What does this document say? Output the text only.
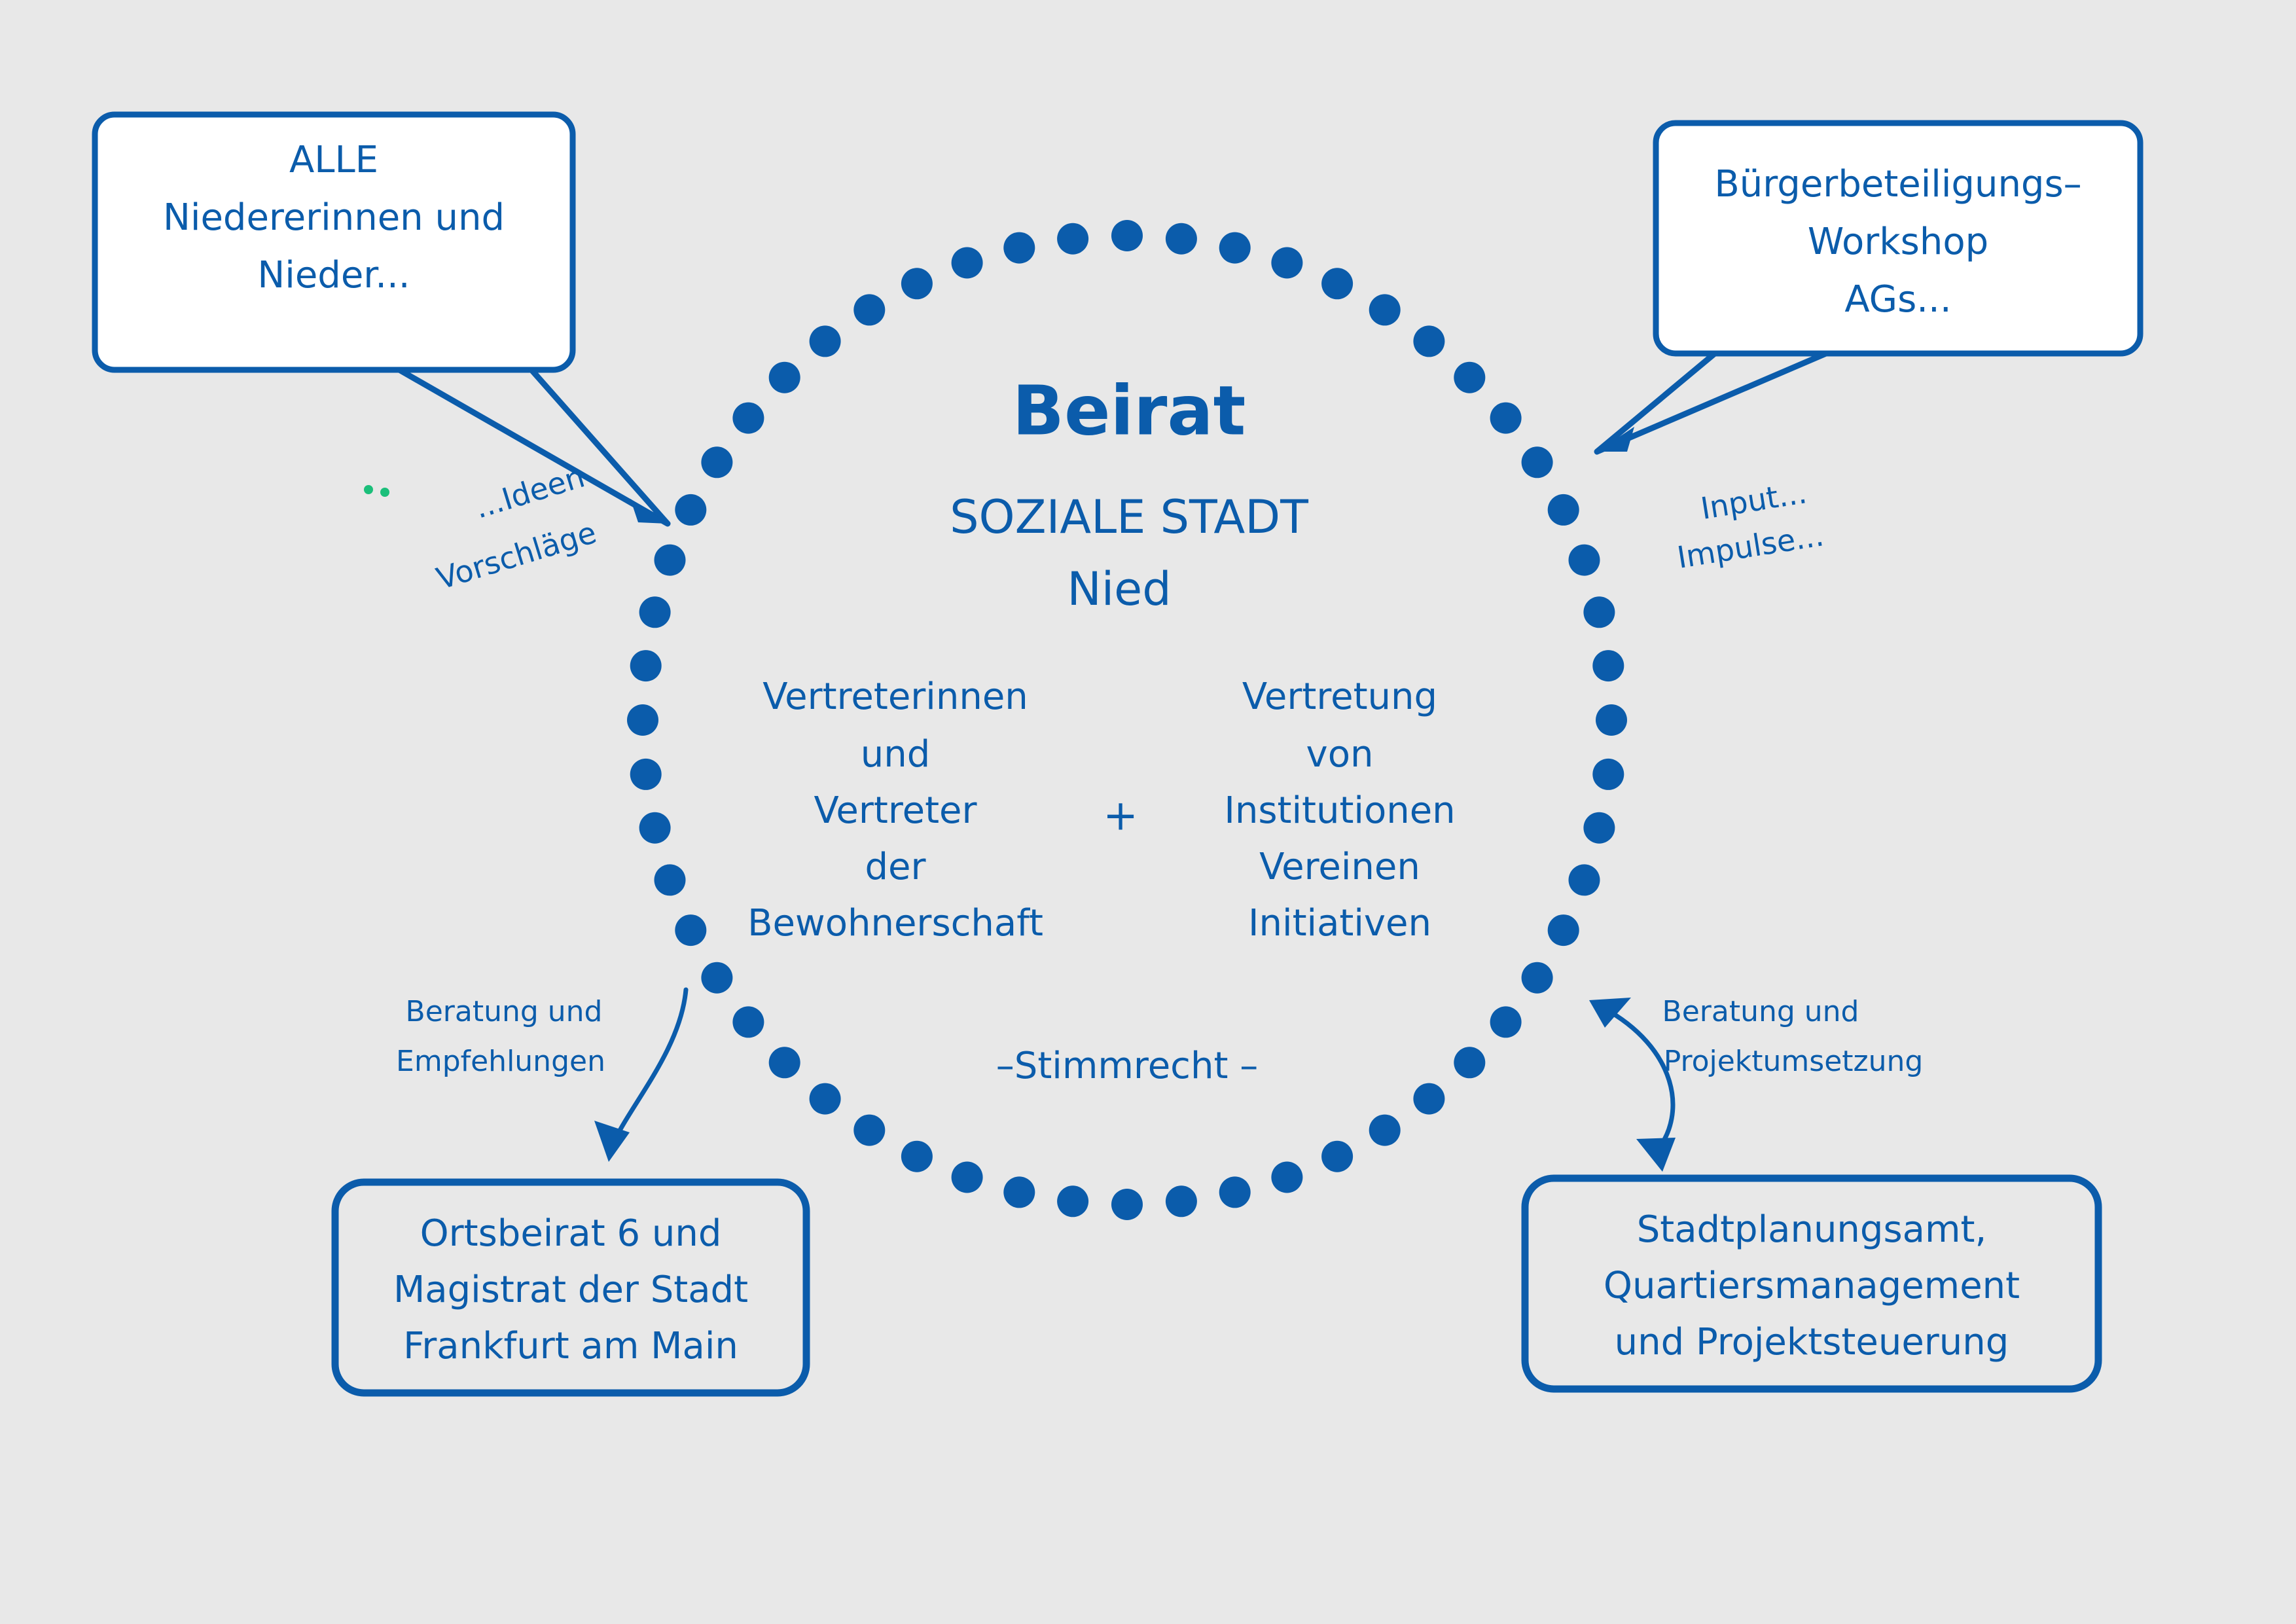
ALLE
Niedererinnen und
Nieder...
Bürgerbeteiligungs–
Workshop
AGs...
Beirat
SOZIALE STADT
Nied
Vertreterinnen
und
Vertreter
der
Bewohnerschaft
+
Vertretung
von
Institutionen
Vereinen
Initiativen
–Stimmrecht –
...Ideen
Vorschläge
Input...
Impulse...
Beratung und
Empfehlungen
Beratung und
Projektumsetzung
Ortsbeirat 6 und
Magistrat der Stadt
Frankfurt am Main
Stadtplanungsamt,
Quartiersmanagement
und Projektsteuerung
